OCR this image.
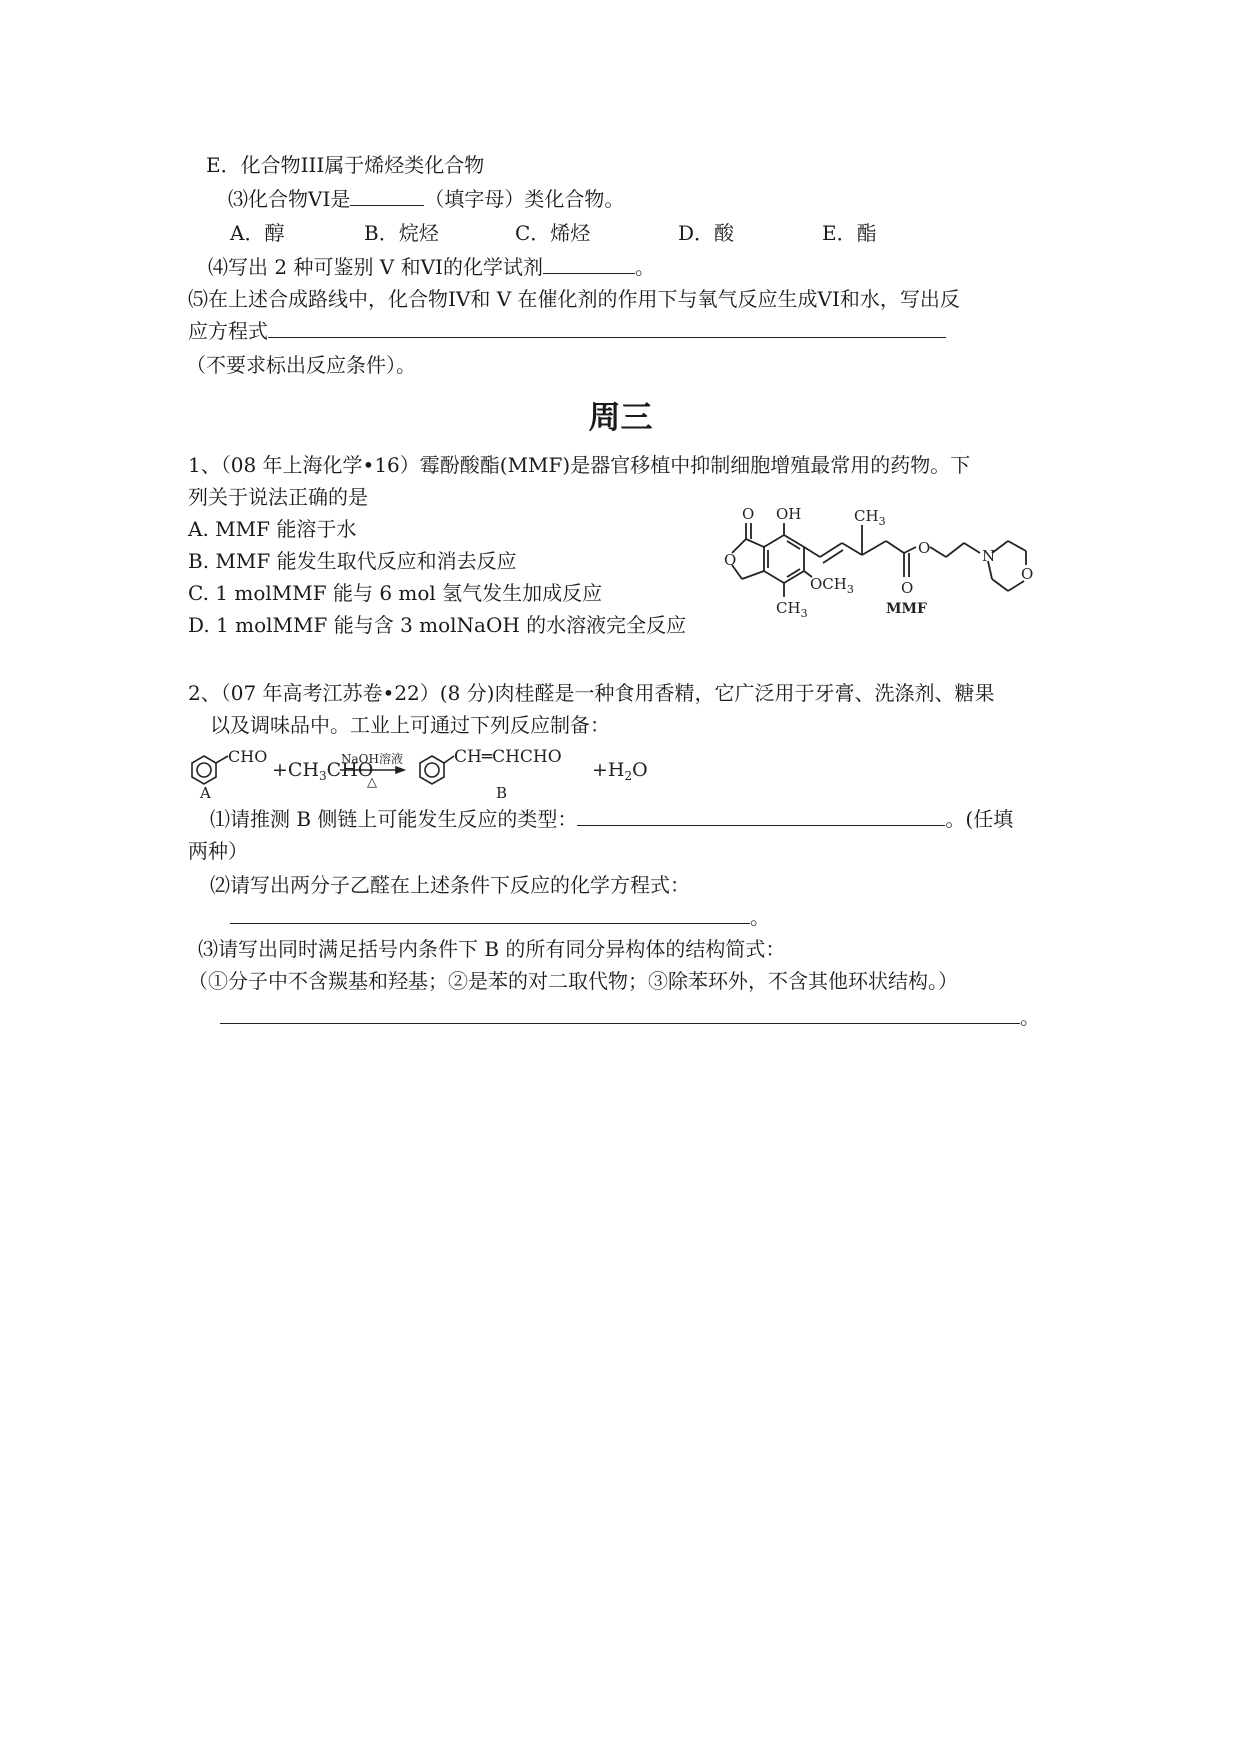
E．化合物III属于烯烃类化合物
⑶化合物VI是	（填字母）类化合物。
A．醇	B．烷烃	C．烯烃	D．酸	E．酯
⑷写出 2 种可鉴别 V 和VI的化学试剂	。
⑸在上述合成路线中，化合物IV和 V 在催化剂的作用下与氧气反应生成VI和水，写出反
应方程式
（不要求标出反应条件）。
周三
1、（08 年上海化学•16）霉酚酸酯(MMF)是器官移植中抑制细胞增殖最常用的药物。下
列关于说法正确的是
A. MMF 能溶于水
B. MMF 能发生取代反应和消去反应
C. 1 molMMF 能与 6 mol 氢气发生加成反应
D. 1 molMMF 能与含 3 molNaOH 的水溶液完全反应
O
O
OH	$CH_3$
$OCH_3$
$CH_3$
O
O
N
O
MMF
2、（07 年高考江苏卷•22）(8 分)肉桂醛是一种食用香精，它广泛用于牙膏、洗涤剂、糖果
以及调味品中。工业上可通过下列反应制备：
CHO
A
$+CH_3CHO$
NaOH溶液
△
CH═CHCHO
B
$+H_2O$
⑴请推测 B 侧链上可能发生反应的类型：	。(任填
两种）
⑵请写出两分子乙醛在上述条件下反应的化学方程式：
。
⑶请写出同时满足括号内条件下 B 的所有同分异构体的结构简式：
（①分子中不含羰基和羟基；②是苯的对二取代物；③除苯环外，不含其他环状结构。）
。
